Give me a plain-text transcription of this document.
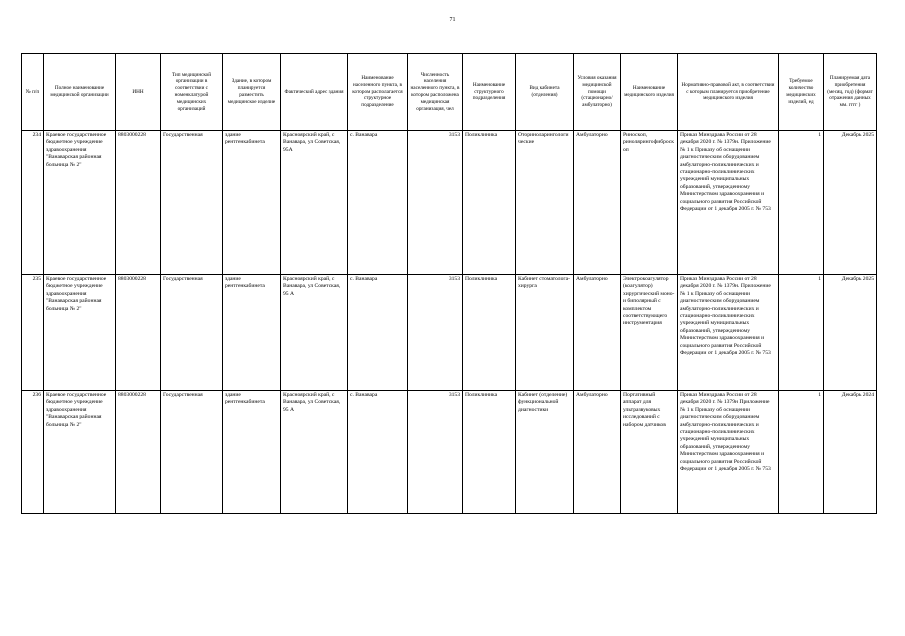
71
№ п/п	Полное наименование медицинской организации	ИНН	Тип медицинской организации в соответствии с номенклатурой медицинских организаций	Здание, в котором планируется разместить медицинское изделие	Фактический адрес здания	Наименование населенного пункта, в котором располагается структурное подразделение	Численность населения населенного пункта, в котором расположена медицинская организация, чел	Наименование структурного подразделения	Вид кабинета (отделения)	Условия оказания медицинской помощи (стационарно/ амбулаторно)	Наименование медицинского изделия	Нормативно-правовой акт, в соответствии с которым планируется приобретение медицинского изделия	Требуемое количество медицинских изделий, ед	Планируемая дата приобретения (месяц, год) (формат отражения данных мм. гггг )
234	Краевое государственное бюджетное учреждение здравоохранения "Ванаварская районная больница № 2"	8803000228	Государственная	здание рентгенкабинета	Красноярский край, с Ванавара, ул Советская, 95А	с. Ванавара	3153	Поликлиника	Оториноларингологические	Амбулаторно	Риноскоп, ринолярингофиброскоп	Приказ Минздрава России от 28 декабря 2020 г. № 1379н. Приложение № 1 к Приказу об оснащении диагностическим оборудованием амбулаторно-поликлинических и стационарно-поликлинических учреждений муниципальных образований, утвержденному Министерством здравоохранения и социального развития Российской Федерации от 1 декабря 2005 г. № 753	1	Декабрь 2025
235	Краевое государственное бюджетное учреждение здравоохранения "Ванаварская районная больница № 2"	8803000228	Государственная	здание рентгенкабинета	Красноярский край, с Ванавара, ул Советская, 95 А	с. Ванавара	3153	Поликлиника	Кабинет стоматолога-хирурга	Амбулаторно	Электрокоагулятор (коагулятор) хирургический моно- и биполярный с комплектом соответствующего инструментария	Приказ Минздрава России от 28 декабря 2020 г. № 1379н. Приложение № 1 к Приказу об оснащении диагностическим оборудованием амбулаторно-поликлинических и стационарно-поликлинических учреждений муниципальных образований, утвержденному Министерством здравоохранения и социального развития Российской Федерации от 1 декабря 2005 г. № 753	1	Декабрь 2025
236	Краевое государственное бюджетное учреждение здравоохранения "Ванаварская районная больница № 2"	8803000228	Государственная	здание рентгенкабинета	Красноярский край, с Ванавара, ул Советская, 95 А	с. Ванавара	3153	Поликлиника	Кабинет (отделение) функциональной диагностики	Амбулаторно	Портативный аппарат для ультразвуковых исследований с набором датчиков	Приказ Минздрава России от 28 декабря 2020 г. № 1379н Приложение № 1 к Приказу об оснащении диагностическим оборудованием амбулаторно-поликлинических и стационарно-поликлинических учреждений муниципальных образований, утвержденному Министерством здравоохранения и социального развития Российской Федерации от 1 декабря 2005 г. № 753	1	Декабрь 2024
